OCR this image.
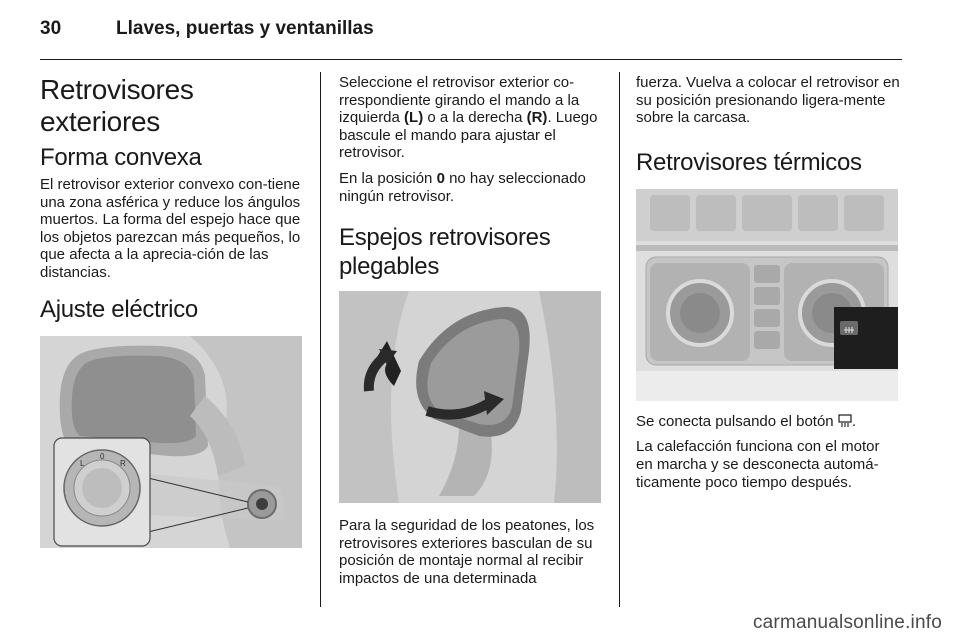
30	Llaves, puertas y ventanillas
Retrovisores exteriores
Forma convexa

El retrovisor exterior convexo con-tiene una zona asférica y reduce los ángulos muertos. La forma del espejo hace que los objetos parezcan más pequeños, lo que afecta a la aprecia-ción de las distancias.

Ajuste eléctrico
L
0
R

Seleccione el retrovisor exterior co-rrespondiente girando el mando a la izquierda (L) o a la derecha (R). Luego bascule el mando para ajustar el retrovisor.

En la posición 0 no hay seleccionado ningún retrovisor.

Espejos retrovisores
plegables

Para la seguridad de los peatones, los retrovisores exteriores basculan de su posición de montaje normal al recibir impactos de una determinada

fuerza. Vuelva a colocar el retrovisor en su posición presionando ligera-mente sobre la carcasa.

Retrovisores térmicos

Se conecta pulsando el botón .

La calefacción funciona con el motor en marcha y se desconecta automá-ticamente poco tiempo después.

carmanualsonline.info
